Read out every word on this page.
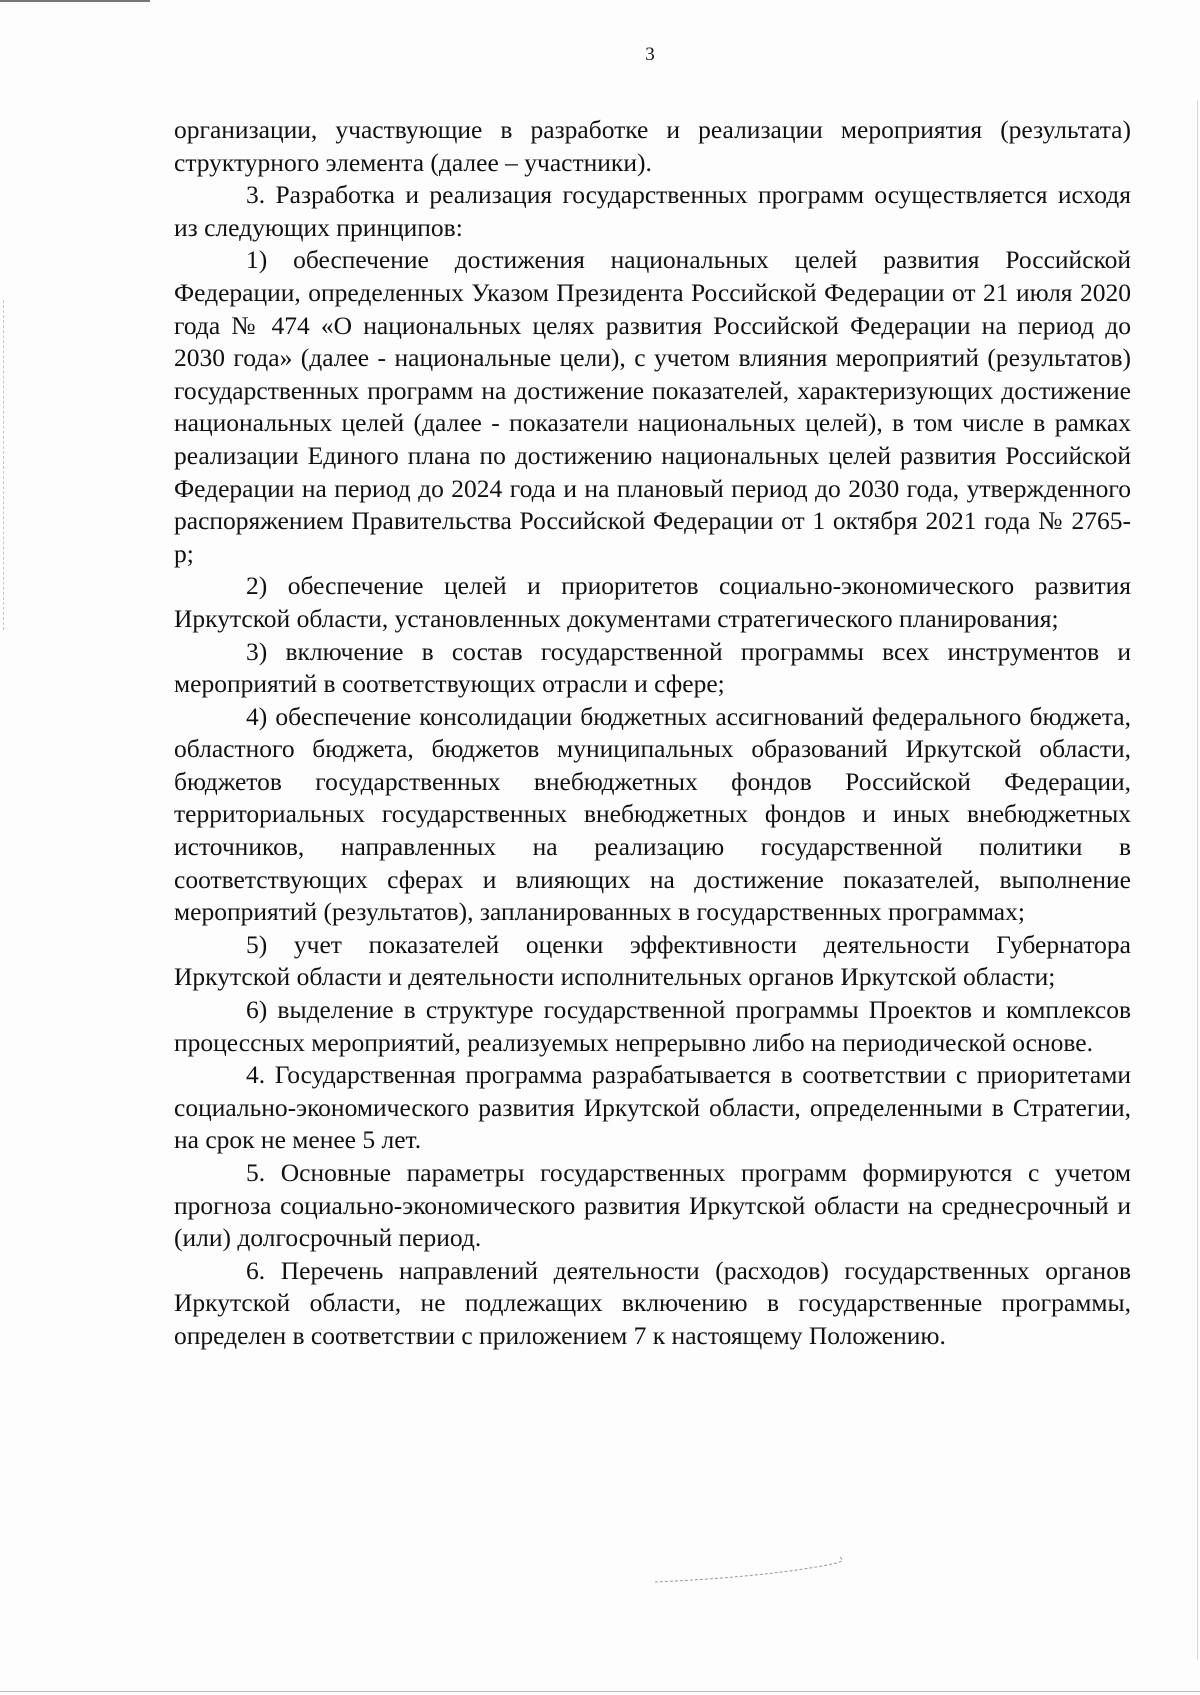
3

организации, участвующие в разработке и реализации мероприятия (результата) структурного элемента (далее – участники).

3. Разработка и реализация государственных программ осуществляется исходя из следующих принципов:

1) обеспечение достижения национальных целей развития Российской Федерации, определенных Указом Президента Российской Федерации от 21 июля 2020 года № 474 «О национальных целях развития Российской Федерации на период до 2030 года» (далее - национальные цели), с учетом влияния мероприятий (результатов) государственных программ на достижение показателей, характеризующих достижение национальных целей (далее - показатели национальных целей), в том числе в рамках реализации Единого плана по достижению национальных целей развития Российской Федерации на период до 2024 года и на плановый период до 2030 года, утвержденного распоряжением Правительства Российской Федерации от 1 октября 2021 года № 2765-р;

2) обеспечение целей и приоритетов социально-экономического развития Иркутской области, установленных документами стратегического планирования;

3) включение в состав государственной программы всех инструментов и мероприятий в соответствующих отрасли и сфере;

4) обеспечение консолидации бюджетных ассигнований федерального бюджета, областного бюджета, бюджетов муниципальных образований Иркутской области, бюджетов государственных внебюджетных фондов Российской Федерации, территориальных государственных внебюджетных фондов и иных внебюджетных источников, направленных на реализацию государственной политики в соответствующих сферах и влияющих на достижение показателей, выполнение мероприятий (результатов), запланированных в государственных программах;

5) учет показателей оценки эффективности деятельности Губернатора Иркутской области и деятельности исполнительных органов Иркутской области;

6) выделение в структуре государственной программы Проектов и комплексов процессных мероприятий, реализуемых непрерывно либо на периодической основе.

4. Государственная программа разрабатывается в соответствии с приоритетами социально-экономического развития Иркутской области, определенными в Стратегии, на срок не менее 5 лет.

5. Основные параметры государственных программ формируются с учетом прогноза социально-экономического развития Иркутской области на среднесрочный и (или) долгосрочный период.

6. Перечень направлений деятельности (расходов) государственных органов Иркутской области, не подлежащих включению в государственные программы, определен в соответствии с приложением 7 к настоящему Положению.
